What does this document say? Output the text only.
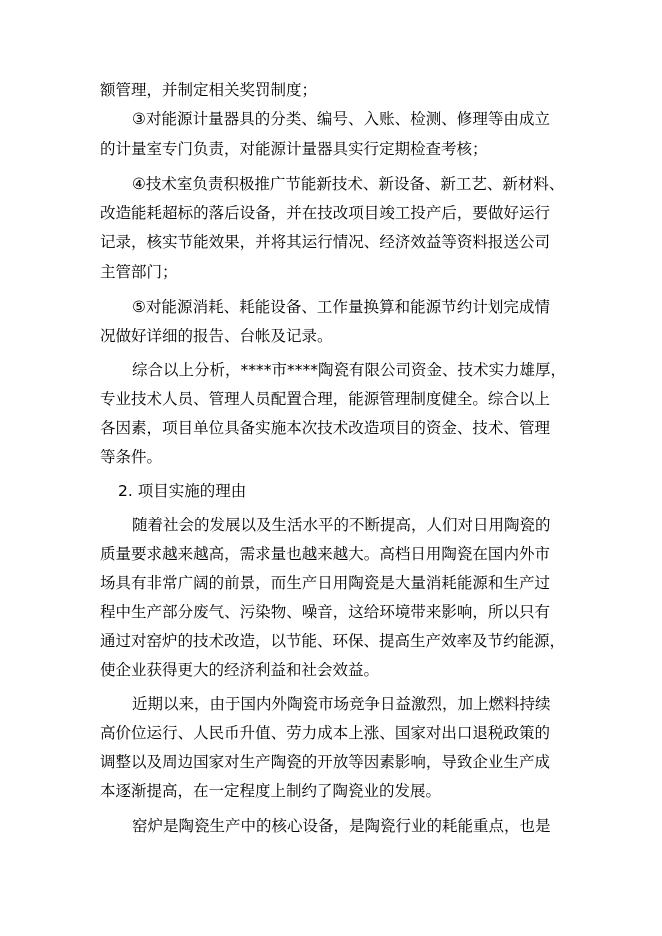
额管理，并制定相关奖罚制度；
③对能源计量器具的分类、编号、入账、检测、修理等由成立
的计量室专门负责，对能源计量器具实行定期检查考核；
④技术室负责积极推广节能新技术、新设备、新工艺、新材料、
改造能耗超标的落后设备，并在技改项目竣工投产后，要做好运行
记录，核实节能效果，并将其运行情况、经济效益等资料报送公司
主管部门；
⑤对能源消耗、耗能设备、工作量换算和能源节约计划完成情
况做好详细的报告、台帐及记录。
综合以上分析，****市****陶瓷有限公司资金、技术实力雄厚，
专业技术人员、管理人员配置合理，能源管理制度健全。综合以上
各因素，项目单位具备实施本次技术改造项目的资金、技术、管理
等条件。
2. 项目实施的理由
随着社会的发展以及生活水平的不断提高，人们对日用陶瓷的
质量要求越来越高，需求量也越来越大。高档日用陶瓷在国内外市
场具有非常广阔的前景，而生产日用陶瓷是大量消耗能源和生产过
程中生产部分废气、污染物、噪音，这给环境带来影响，所以只有
通过对窑炉的技术改造，以节能、环保、提高生产效率及节约能源，
使企业获得更大的经济利益和社会效益。
近期以来，由于国内外陶瓷市场竞争日益激烈，加上燃料持续
高价位运行、人民币升值、劳力成本上涨、国家对出口退税政策的
调整以及周边国家对生产陶瓷的开放等因素影响，导致企业生产成
本逐渐提高，在一定程度上制约了陶瓷业的发展。
窑炉是陶瓷生产中的核心设备，是陶瓷行业的耗能重点，也是
